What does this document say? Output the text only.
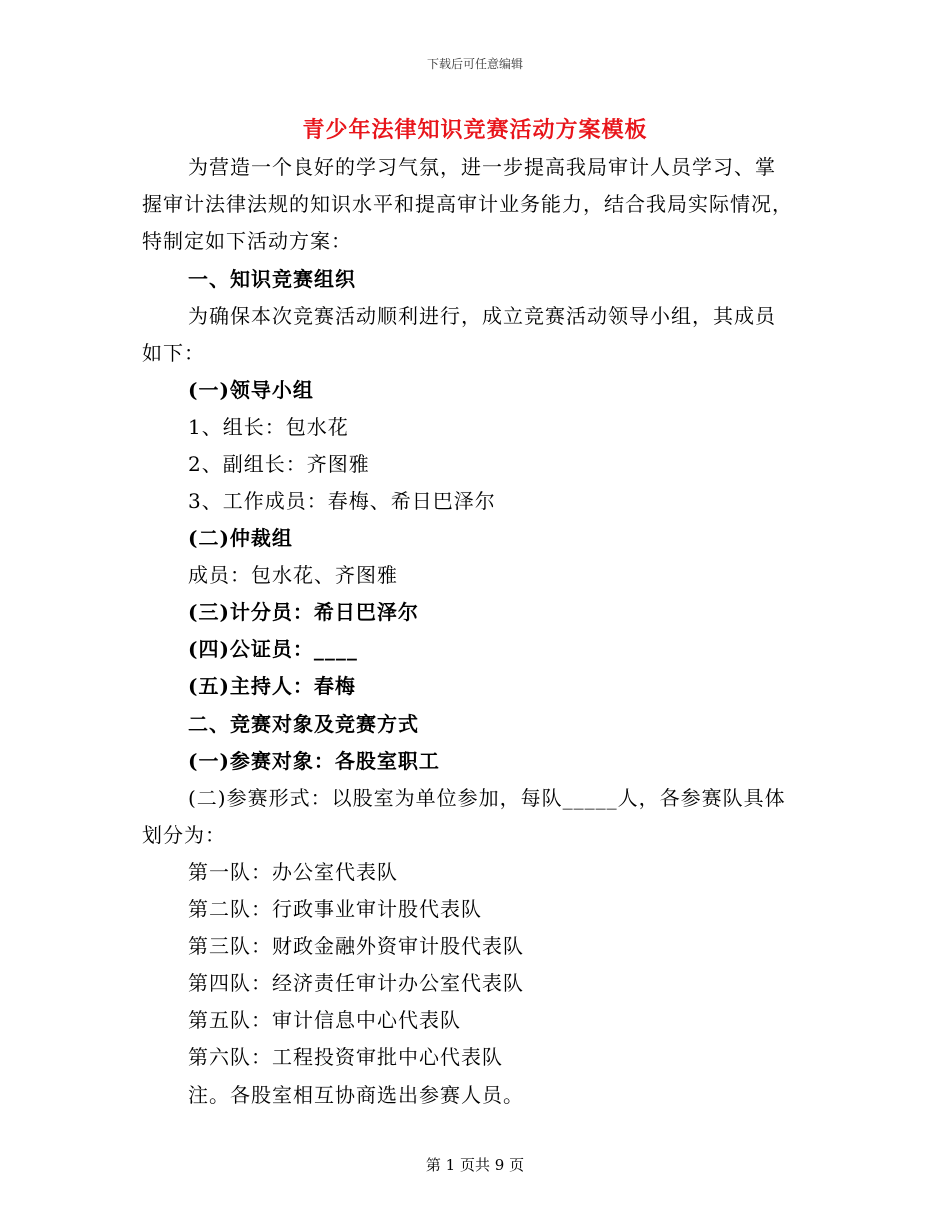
下载后可任意编辑
青少年法律知识竞赛活动方案模板
为营造一个良好的学习气氛，进一步提高我局审计人员学习、掌
握审计法律法规的知识水平和提高审计业务能力，结合我局实际情况，
特制定如下活动方案：
一、知识竞赛组织
为确保本次竞赛活动顺利进行，成立竞赛活动领导小组，其成员
如下：
(一)领导小组
1、组长：包水花
2、副组长：齐图雅
3、工作成员：春梅、希日巴泽尔
(二)仲裁组
成员：包水花、齐图雅
(三)计分员：希日巴泽尔
(四)公证员：____
(五)主持人：春梅
二、竞赛对象及竞赛方式
(一)参赛对象：各股室职工
(二)参赛形式：以股室为单位参加，每队_____人，各参赛队具体
划分为：
第一队：办公室代表队
第二队：行政事业审计股代表队
第三队：财政金融外资审计股代表队
第四队：经济责任审计办公室代表队
第五队：审计信息中心代表队
第六队：工程投资审批中心代表队
注。各股室相互协商选出参赛人员。
第 1 页共 9 页
